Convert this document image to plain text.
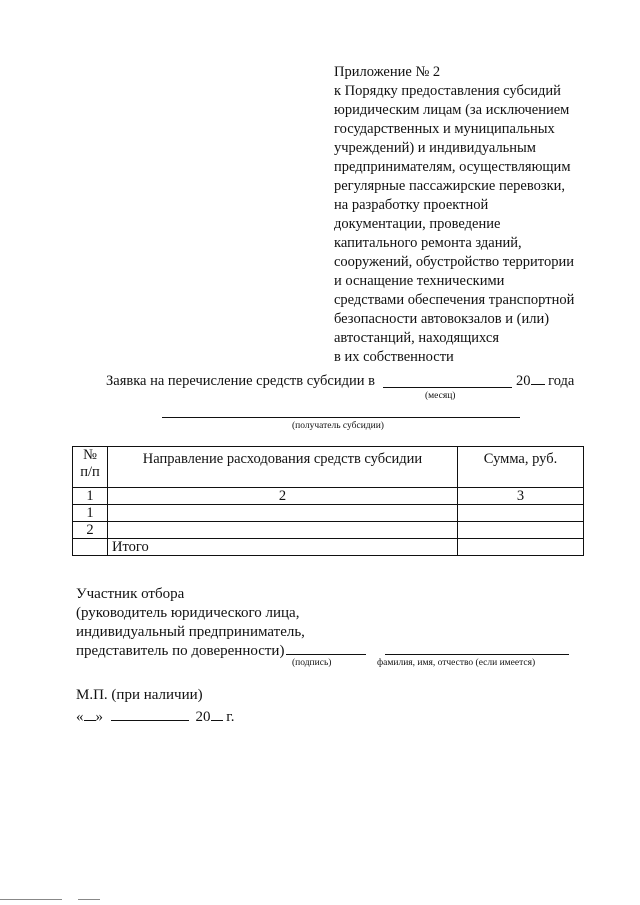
Приложение № 2
к Порядку предоставления субсидий
юридическим лицам (за исключением
государственных и муниципальных
учреждений) и индивидуальным
предпринимателям, осуществляющим
регулярные пассажирские перевозки,
на разработку проектной
документации, проведение
капитального ремонта зданий,
сооружений, обустройство территории
и оснащение техническими
средствами обеспечения транспортной
безопасности автовокзалов и (или)
автостанций, находящихся
в их собственности
Заявка на перечисление средств субсидии в	20 года
(месяц)
(получатель субсидии)
№
п/п	Направление расходования средств субсидии	Сумма, руб.
1	2	3
1		
2		
	Итого	
Участник отбора
(руководитель юридического лица,
индивидуальный предприниматель,
представитель по доверенности)
(подпись)	фамилия, имя, отчество (если имеется)
М.П. (при наличии)
« »	20 г.
